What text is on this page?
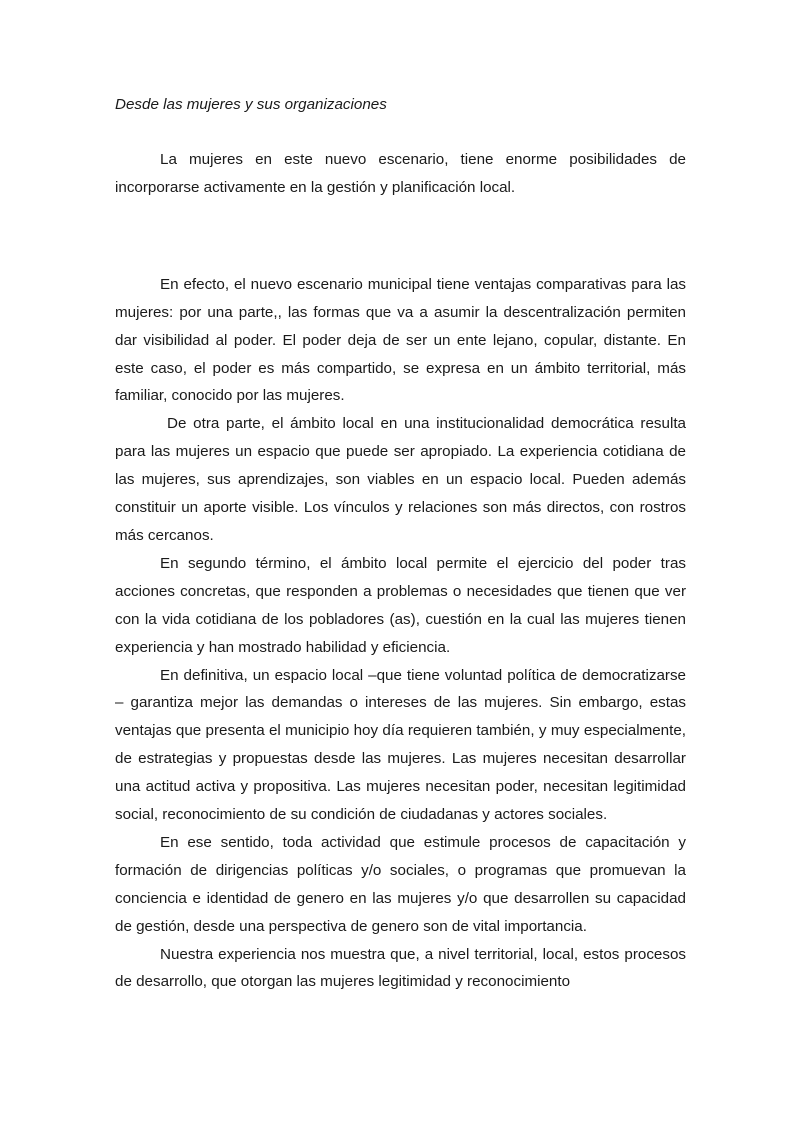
Desde las mujeres y sus organizaciones

La mujeres en este nuevo escenario, tiene enorme posibilidades de incorporarse activamente en la gestión y planificación local.

En efecto, el nuevo escenario municipal tiene ventajas comparativas para las mujeres: por una parte,, las formas que va a asumir la descentralización permiten dar visibilidad al poder. El poder deja de ser un ente lejano, copular, distante. En este caso, el poder es más compartido, se expresa en un ámbito territorial, más familiar, conocido por las mujeres.

De otra parte, el ámbito local en una institucionalidad democrática resulta para las mujeres un espacio que puede ser apropiado. La experiencia cotidiana de las mujeres, sus aprendizajes, son viables en un espacio local. Pueden además constituir un aporte visible. Los vínculos y relaciones son más directos, con rostros más cercanos.

En segundo término, el ámbito local permite el ejercicio del poder tras acciones concretas, que responden a problemas o necesidades que tienen que ver con la vida cotidiana de los pobladores (as), cuestión en la cual las mujeres tienen experiencia y han mostrado habilidad y eficiencia.

En definitiva, un espacio local –que tiene voluntad política de democratizarse – garantiza mejor las demandas o intereses de las mujeres. Sin embargo, estas ventajas que presenta el municipio hoy día requieren también, y muy especialmente, de estrategias y propuestas desde las mujeres. Las mujeres necesitan desarrollar una actitud activa y propositiva. Las mujeres necesitan poder, necesitan legitimidad social, reconocimiento de su condición de ciudadanas y actores sociales.

En ese sentido, toda actividad que estimule procesos de capacitación y formación de dirigencias políticas y/o sociales, o programas que promuevan la conciencia e identidad de genero en las mujeres y/o que desarrollen su capacidad de gestión, desde una perspectiva de genero son de vital importancia.

Nuestra experiencia nos muestra que, a nivel territorial, local, estos procesos de desarrollo, que otorgan las mujeres legitimidad y reconocimiento
